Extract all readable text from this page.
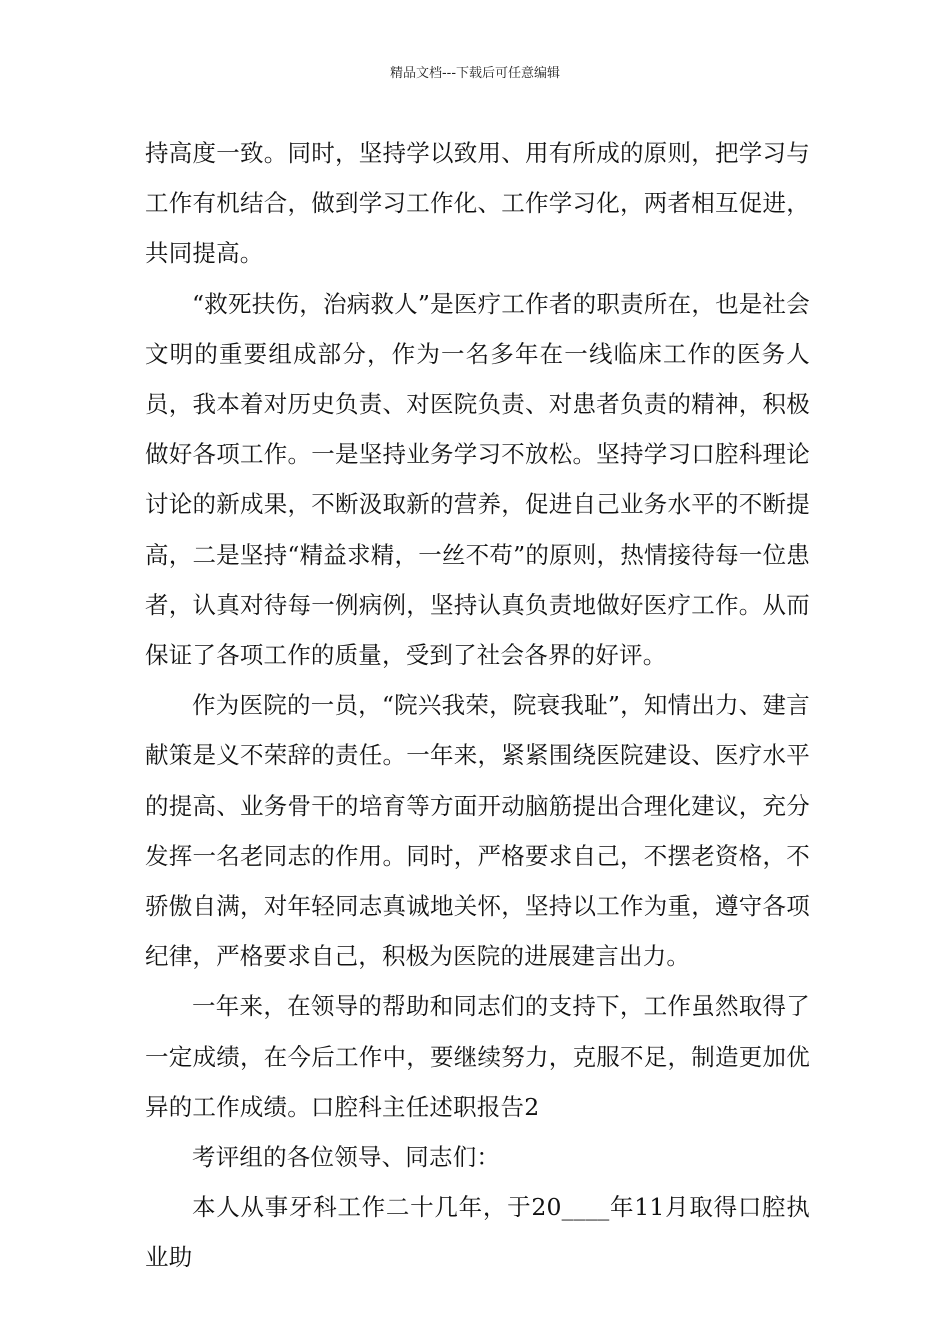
精品文档---下载后可任意编辑

持高度一致。同时，坚持学以致用、用有所成的原则，把学习与工作有机结合，做到学习工作化、工作学习化，两者相互促进，共同提高。

“救死扶伤，治病救人”是医疗工作者的职责所在，也是社会文明的重要组成部分，作为一名多年在一线临床工作的医务人员，我本着对历史负责、对医院负责、对患者负责的精神，积极做好各项工作。一是坚持业务学习不放松。坚持学习口腔科理论讨论的新成果，不断汲取新的营养，促进自己业务水平的不断提高，二是坚持“精益求精，一丝不苟”的原则，热情接待每一位患者，认真对待每一例病例，坚持认真负责地做好医疗工作。从而保证了各项工作的质量，受到了社会各界的好评。

作为医院的一员，“院兴我荣，院衰我耻”，知情出力、建言献策是义不荣辞的责任。一年来，紧紧围绕医院建设、医疗水平的提高、业务骨干的培育等方面开动脑筋提出合理化建议，充分发挥一名老同志的作用。同时，严格要求自己，不摆老资格，不骄傲自满，对年轻同志真诚地关怀，坚持以工作为重，遵守各项纪律，严格要求自己，积极为医院的进展建言出力。

一年来，在领导的帮助和同志们的支持下，工作虽然取得了一定成绩，在今后工作中，要继续努力，克服不足，制造更加优异的工作成绩。口腔科主任述职报告2

考评组的各位领导、同志们：

本人从事牙科工作二十几年，于20____年11月取得口腔执业助
